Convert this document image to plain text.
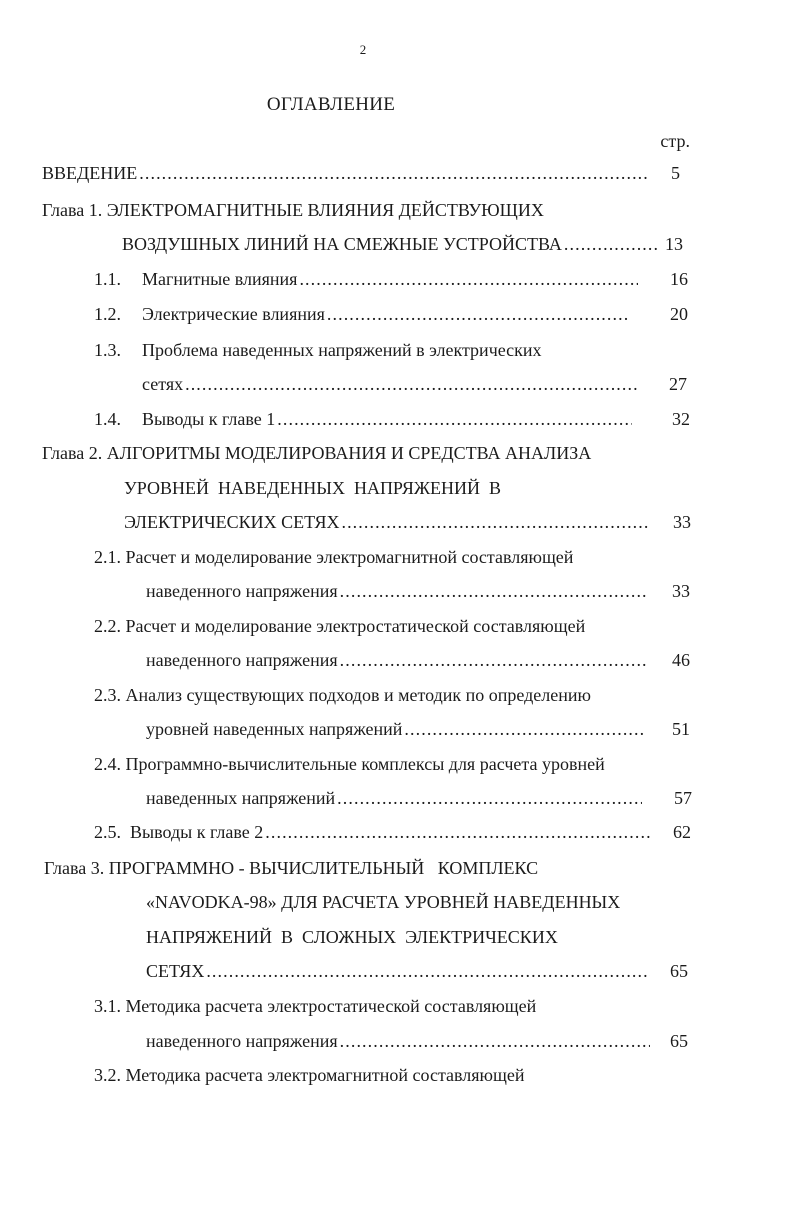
2
ОГЛАВЛЕНИЕ
стр.
ВВЕДЕНИЕ .....	5
Глава 1. ЭЛЕКТРОМАГНИТНЫЕ ВЛИЯНИЯ ДЕЙСТВУЮЩИХ
ВОЗДУШНЫХ ЛИНИЙ НА СМЕЖНЫЕ УСТРОЙСТВА .....	13
1.1. Магнитные влияния .....	16
1.2. Электрические влияния .....	20
1.3. Проблема наведенных напряжений в электрических
сетях .....	27
1.4. Выводы к главе 1 .....	32
Глава 2. АЛГОРИТМЫ МОДЕЛИРОВАНИЯ И СРЕДСТВА АНАЛИЗА
УРОВНЕЙ  НАВЕДЕННЫХ  НАПРЯЖЕНИЙ  В
ЭЛЕКТРИЧЕСКИХ СЕТЯХ .....	33
2.1. Расчет и моделирование электромагнитной составляющей
наведенного напряжения .....	33
2.2. Расчет и моделирование электростатической составляющей
наведенного напряжения .....	46
2.3. Анализ существующих подходов и методик по определению
уровней наведенных напряжений .....	51
2.4. Программно-вычислительные комплексы для расчета уровней
наведенных напряжений .....	57
2.5. Выводы к главе 2 .....	62
Глава 3. ПРОГРАММНО - ВЫЧИСЛИТЕЛЬНЫЙ   КОМПЛЕКС
«NAVODKA-98» ДЛЯ РАСЧЕТА УРОВНЕЙ НАВЕДЕННЫХ
НАПРЯЖЕНИЙ  В  СЛОЖНЫХ  ЭЛЕКТРИЧЕСКИХ
СЕТЯХ .....	65
3.1. Методика расчета электростатической составляющей
наведенного напряжения .....	65
3.2. Методика расчета электромагнитной составляющей
